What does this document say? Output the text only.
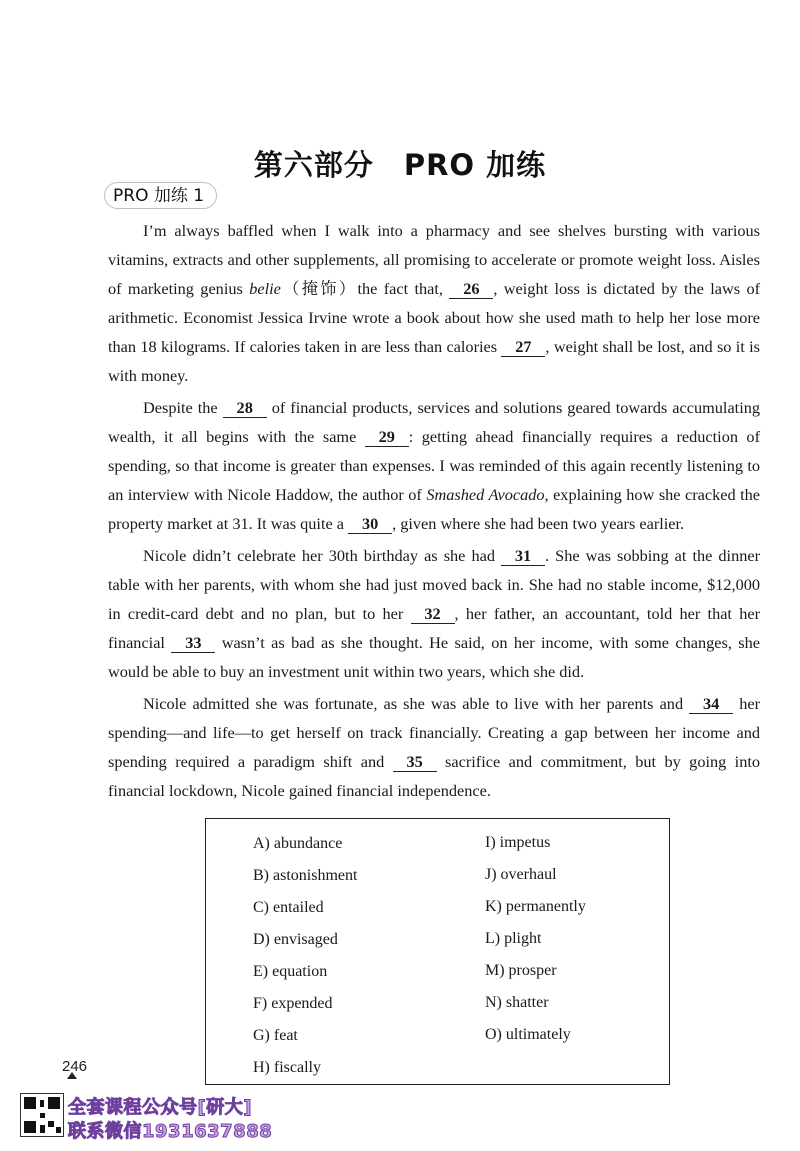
第六部分　PRO 加练
PRO 加练 1

I’m always baffled when I walk into a pharmacy and see shelves bursting with various vitamins, extracts and other supplements, all promising to accelerate or promote weight loss. Aisles of marketing genius belie（掩饰）the fact that, 26 , weight loss is dictated by the laws of arithmetic. Economist Jessica Irvine wrote a book about how she used math to help her lose more than 18 kilograms. If calories taken in are less than calories 27 , weight shall be lost, and so it is with money.

Despite the 28 of financial products, services and solutions geared towards accumulating wealth, it all begins with the same 29 : getting ahead financially requires a reduction of spending, so that income is greater than expenses. I was reminded of this again recently listening to an interview with Nicole Haddow, the author of Smashed Avocado, explaining how she cracked the property market at 31. It was quite a 30 , given where she had been two years earlier.

Nicole didn’t celebrate her 30th birthday as she had 31 . She was sobbing at the dinner table with her parents, with whom she had just moved back in. She had no stable income, $12,000 in credit-card debt and no plan, but to her 32 , her father, an accountant, told her that her financial 33 wasn’t as bad as she thought. He said, on her income, with some changes, she would be able to buy an investment unit within two years, which she did.

Nicole admitted she was fortunate, as she was able to live with her parents and 34 her spending—and life—to get herself on track financially. Creating a gap between her income and spending required a paradigm shift and 35 sacrifice and commitment, but by going into financial lockdown, Nicole gained financial independence.

A) abundance
B) astonishment
C) entailed
D) envisaged
E) equation
F) expended
G) feat
H) fiscally
I) impetus
J) overhaul
K) permanently
L) plight
M) prosper
N) shatter
O) ultimately
246
全套课程公众号[研大]
联系微信1931637888
